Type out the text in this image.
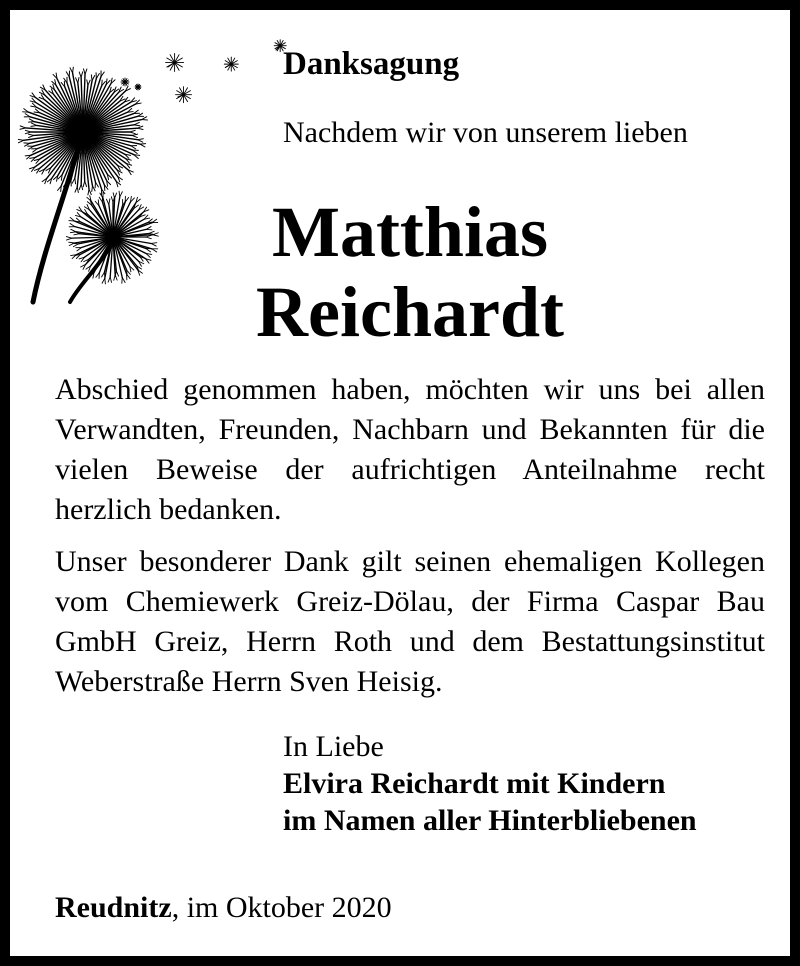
Danksagung

Nachdem wir von unserem lieben

Matthias
Reichardt

Abschied genommen haben, möchten wir uns bei allen Verwandten, Freunden, Nachbarn und Bekannten für die vielen Beweise der aufrichtigen Anteilnahme recht herzlich bedanken.

Unser besonderer Dank gilt seinen ehemaligen Kollegen vom Chemiewerk Greiz-Dölau, der Firma Caspar Bau GmbH Greiz, Herrn Roth und dem Bestattungsinstitut Weberstraße Herrn Sven Heisig.

In Liebe
Elvira Reichardt mit Kindern
im Namen aller Hinterbliebenen

Reudnitz, im Oktober 2020
